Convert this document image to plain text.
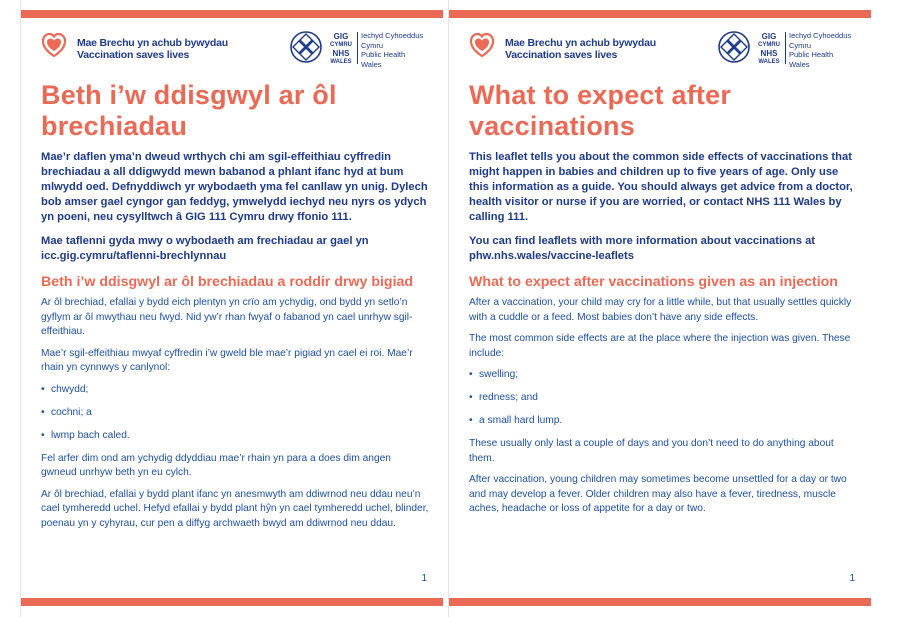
Mae Brechu yn achub bywydau
Vaccination saves lives
GIG
CYMRU
NHS
WALES
Iechyd Cyhoeddus
Cymru
Public Health
Wales
Beth i’w ddisgwyl ar ôl brechiadau

Mae’r daflen yma’n dweud wrthych chi am sgil-effeithiau cyffredin brechiadau a all ddigwydd mewn babanod a phlant ifanc hyd at bum mlwydd oed. Defnyddiwch yr wybodaeth yma fel canllaw yn unig. Dylech bob amser gael cyngor gan feddyg, ymwelydd iechyd neu nyrs os ydych yn poeni, neu cysylltwch â GIG 111 Cymru drwy ffonio 111.

Mae taflenni gyda mwy o wybodaeth am frechiadau ar gael yn icc.gig.cymru/taflenni-brechlynnau

Beth i’w ddisgwyl ar ôl brechiadau a roddir drwy bigiad

Ar ôl brechiad, efallai y bydd eich plentyn yn crïo am ychydig, ond bydd yn setlo’n gyflym ar ôl mwythau neu fwyd. Nid yw’r rhan fwyaf o fabanod yn cael unrhyw sgil-effeithiau.

Mae’r sgil-effeithiau mwyaf cyffredin i’w gweld ble mae’r pigiad yn cael ei roi. Mae’r rhain yn cynnwys y canlynol:

• chwydd;
• cochni; a
• lwmp bach caled.

Fel arfer dim ond am ychydig ddyddiau mae’r rhain yn para a does dim angen gwneud unrhyw beth yn eu cylch.

Ar ôl brechiad, efallai y bydd plant ifanc yn anesmwyth am ddiwrnod neu ddau neu’n cael tymheredd uchel. Hefyd efallai y bydd plant hŷn yn cael tymheredd uchel, blinder, poenau yn y cyhyrau, cur pen a diffyg archwaeth bwyd am ddiwrnod neu ddau.

1
Mae Brechu yn achub bywydau
Vaccination saves lives
GIG
CYMRU
NHS
WALES
Iechyd Cyhoeddus
Cymru
Public Health
Wales
What to expect after vaccinations

This leaflet tells you about the common side effects of vaccinations that might happen in babies and children up to five years of age. Only use this information as a guide. You should always get advice from a doctor, health visitor or nurse if you are worried, or contact NHS 111 Wales by calling 111.

You can find leaflets with more information about vaccinations at phw.nhs.wales/vaccine-leaflets

What to expect after vaccinations given as an injection

After a vaccination, your child may cry for a little while, but that usually settles quickly with a cuddle or a feed. Most babies don’t have any side effects.

The most common side effects are at the place where the injection was given. These include:

• swelling;
• redness; and
• a small hard lump.

These usually only last a couple of days and you don’t need to do anything about them.

After vaccination, young children may sometimes become unsettled for a day or two and may develop a fever. Older children may also have a fever, tiredness, muscle aches, headache or loss of appetite for a day or two.

1
